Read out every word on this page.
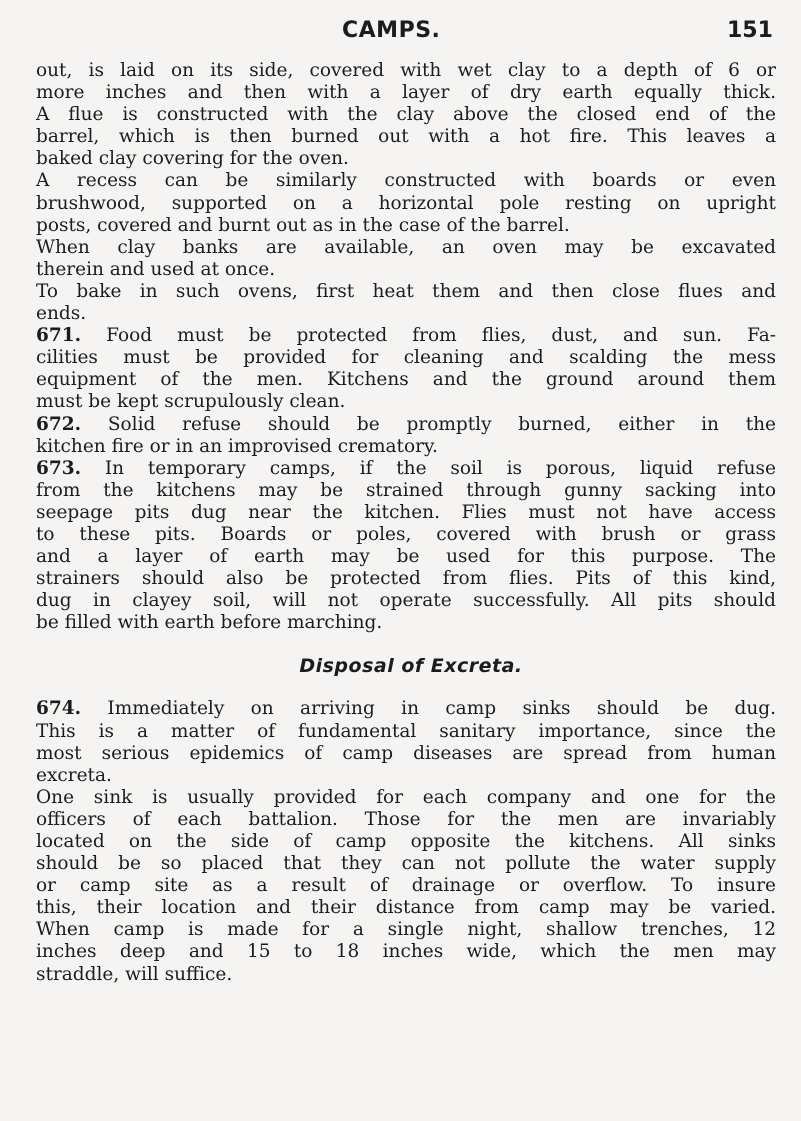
CAMPS.	151
out, is laid on its side, covered with wet clay to a depth of 6 or
more inches and then with a layer of dry earth equally thick.
A flue is constructed with the clay above the closed end of the
barrel, which is then burned out with a hot fire. This leaves a
baked clay covering for the oven.
A recess can be similarly constructed with boards or even
brushwood, supported on a horizontal pole resting on upright
posts, covered and burnt out as in the case of the barrel.
When clay banks are available, an oven may be excavated
therein and used at once.
To bake in such ovens, first heat them and then close flues and
ends.
671. Food must be protected from flies, dust, and sun. Fa-
cilities must be provided for cleaning and scalding the mess
equipment of the men. Kitchens and the ground around them
must be kept scrupulously clean.
672. Solid refuse should be promptly burned, either in the
kitchen fire or in an improvised crematory.
673. In temporary camps, if the soil is porous, liquid refuse
from the kitchens may be strained through gunny sacking into
seepage pits dug near the kitchen. Flies must not have access
to these pits. Boards or poles, covered with brush or grass
and a layer of earth may be used for this purpose. The
strainers should also be protected from flies. Pits of this kind,
dug in clayey soil, will not operate successfully. All pits should
be filled with earth before marching.
Disposal of Excreta.
674. Immediately on arriving in camp sinks should be dug.
This is a matter of fundamental sanitary importance, since the
most serious epidemics of camp diseases are spread from human
excreta.
One sink is usually provided for each company and one for the
officers of each battalion. Those for the men are invariably
located on the side of camp opposite the kitchens. All sinks
should be so placed that they can not pollute the water supply
or camp site as a result of drainage or overflow. To insure
this, their location and their distance from camp may be varied.
When camp is made for a single night, shallow trenches, 12
inches deep and 15 to 18 inches wide, which the men may
straddle, will suffice.
